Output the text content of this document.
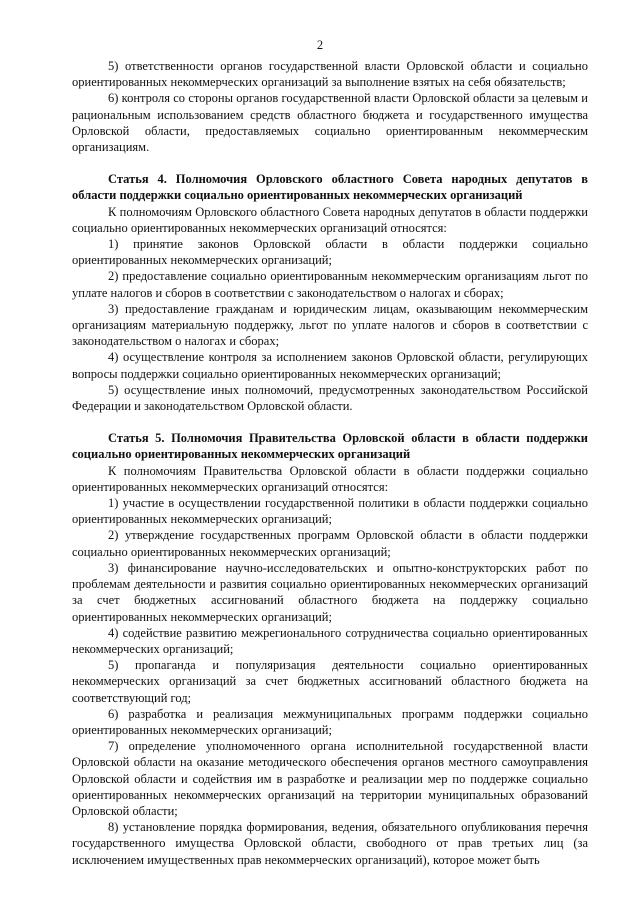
2

5) ответственности органов государственной власти Орловской области и социально ориентированных некоммерческих организаций за выполнение взятых на себя обязательств;

6) контроля со стороны органов государственной власти Орловской области за целевым и рациональным использованием средств областного бюджета и государственного имущества Орловской области, предоставляемых социально ориентированным некоммерческим организациям.

Статья 4. Полномочия Орловского областного Совета народных депутатов в области поддержки социально ориентированных некоммерческих организаций

К полномочиям Орловского областного Совета народных депутатов в области поддержки социально ориентированных некоммерческих организаций относятся:

1) принятие законов Орловской области в области поддержки социально ориентированных некоммерческих организаций;

2) предоставление социально ориентированным некоммерческим организациям льгот по уплате налогов и сборов в соответствии с законодательством о налогах и сборах;

3) предоставление гражданам и юридическим лицам, оказывающим некоммерческим организациям материальную поддержку, льгот по уплате налогов и сборов в соответствии с законодательством о налогах и сборах;

4) осуществление контроля за исполнением законов Орловской области, регулирующих вопросы поддержки социально ориентированных некоммерческих организаций;

5) осуществление иных полномочий, предусмотренных законодательством Российской Федерации и законодательством Орловской области.

Статья 5. Полномочия Правительства Орловской области в области поддержки социально ориентированных некоммерческих организаций

К полномочиям Правительства Орловской области в области поддержки социально ориентированных некоммерческих организаций относятся:

1) участие в осуществлении государственной политики в области поддержки социально ориентированных некоммерческих организаций;

2) утверждение государственных программ Орловской области в области поддержки социально ориентированных некоммерческих организаций;

3) финансирование научно-исследовательских и опытно-конструкторских работ по проблемам деятельности и развития социально ориентированных некоммерческих организаций за счет бюджетных ассигнований областного бюджета на поддержку социально ориентированных некоммерческих организаций;

4) содействие развитию межрегионального сотрудничества социально ориентированных некоммерческих организаций;

5) пропаганда и популяризация деятельности социально ориентированных некоммерческих организаций за счет бюджетных ассигнований областного бюджета на соответствующий год;

6) разработка и реализация межмуниципальных программ поддержки социально ориентированных некоммерческих организаций;

7) определение уполномоченного органа исполнительной государственной власти Орловской области на оказание методического обеспечения органов местного самоуправления Орловской области и содействия им в разработке и реализации мер по поддержке социально ориентированных некоммерческих организаций на территории муниципальных образований Орловской области;

8) установление порядка формирования, ведения, обязательного опубликования перечня государственного имущества Орловской области, свободного от прав третьих лиц (за исключением имущественных прав некоммерческих организаций), которое может быть
